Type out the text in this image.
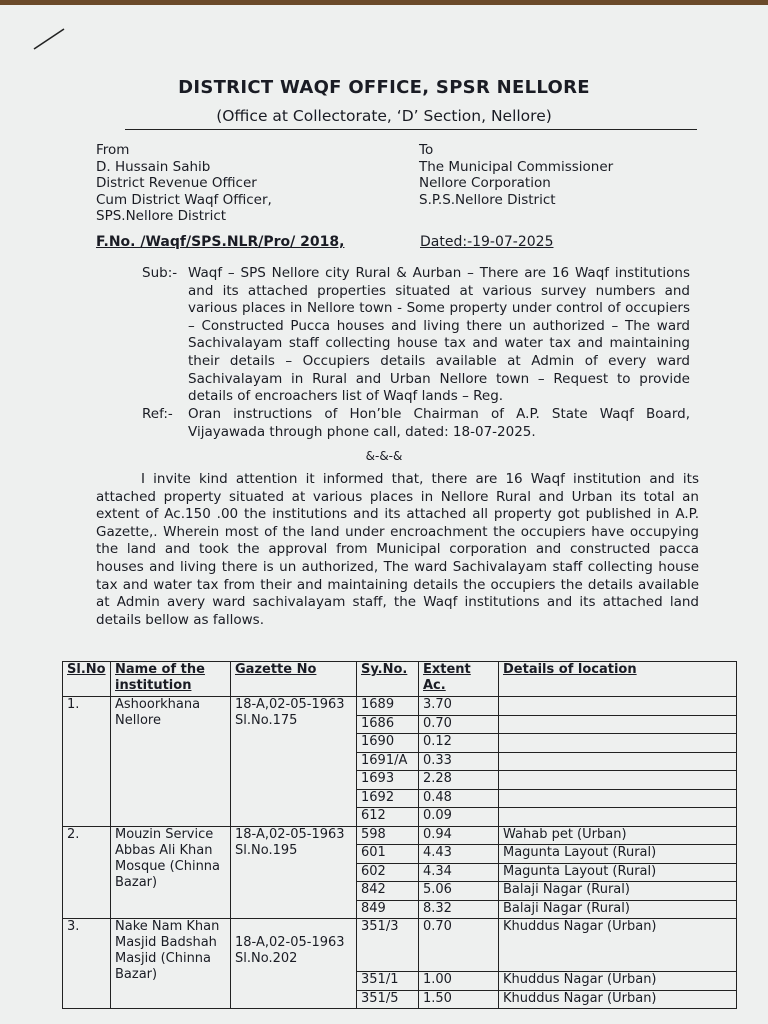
DISTRICT WAQF OFFICE, SPSR NELLORE
(Office at Collectorate, ‘D’ Section, Nellore)
From
D. Hussain Sahib
District Revenue Officer
Cum District Waqf Officer,
SPS.Nellore District
To
The Municipal Commissioner
Nellore Corporation
S.P.S.Nellore District
F.No. /Waqf/SPS.NLR/Pro/ 2018,	Dated:-19-07-2025
Sub:- Waqf – SPS Nellore city Rural & Aurban – There are 16 Waqf institutions and its attached properties situated at various survey numbers and various places in Nellore town - Some property under control of occupiers – Constructed Pucca houses and living there un authorized – The ward Sachivalayam staff collecting house tax and water tax and maintaining their details – Occupiers details available at Admin of every ward Sachivalayam in Rural and Urban Nellore town – Request to provide details of encroachers list of Waqf lands – Reg.
Ref:- Oran instructions of Hon’ble Chairman of A.P. State Waqf Board, Vijayawada through phone call, dated: 18-07-2025.
&-&-&
I invite kind attention it informed that, there are 16 Waqf institution and its attached property situated at various places in Nellore Rural and Urban its total an extent of Ac.150 .00 the institutions and its attached all property got published in A.P. Gazette,. Wherein most of the land under encroachment the occupiers have occupying the land and took the approval from Municipal corporation and constructed pacca houses and living there is un authorized, The ward Sachivalayam staff collecting house tax and water tax from their and maintaining details the occupiers the details available at Admin avery ward sachivalayam staff, the Waqf institutions and its attached land details bellow as fallows.
Sl.No	Name of the institution	Gazette No	Sy.No.	Extent Ac.	Details of location
1.	Ashoorkhana Nellore	18-A,02-05-1963 Sl.No.175	1689	3.70	
			1686	0.70	
			1690	0.12	
			1691/A	0.33	
			1693	2.28	
			1692	0.48	
			612	0.09	
2.	Mouzin Service Abbas Ali Khan Mosque (Chinna Bazar)	18-A,02-05-1963 Sl.No.195	598	0.94	Wahab pet (Urban)
			601	4.43	Magunta Layout (Rural)
			602	4.34	Magunta Layout (Rural)
			842	5.06	Balaji Nagar (Rural)
			849	8.32	Balaji Nagar (Rural)
3.	Nake Nam Khan Masjid Badshah Masjid (Chinna Bazar)	18-A,02-05-1963 Sl.No.202	351/3	0.70	Khuddus Nagar (Urban)
			351/1	1.00	Khuddus Nagar (Urban)
			351/5	1.50	Khuddus Nagar (Urban)
